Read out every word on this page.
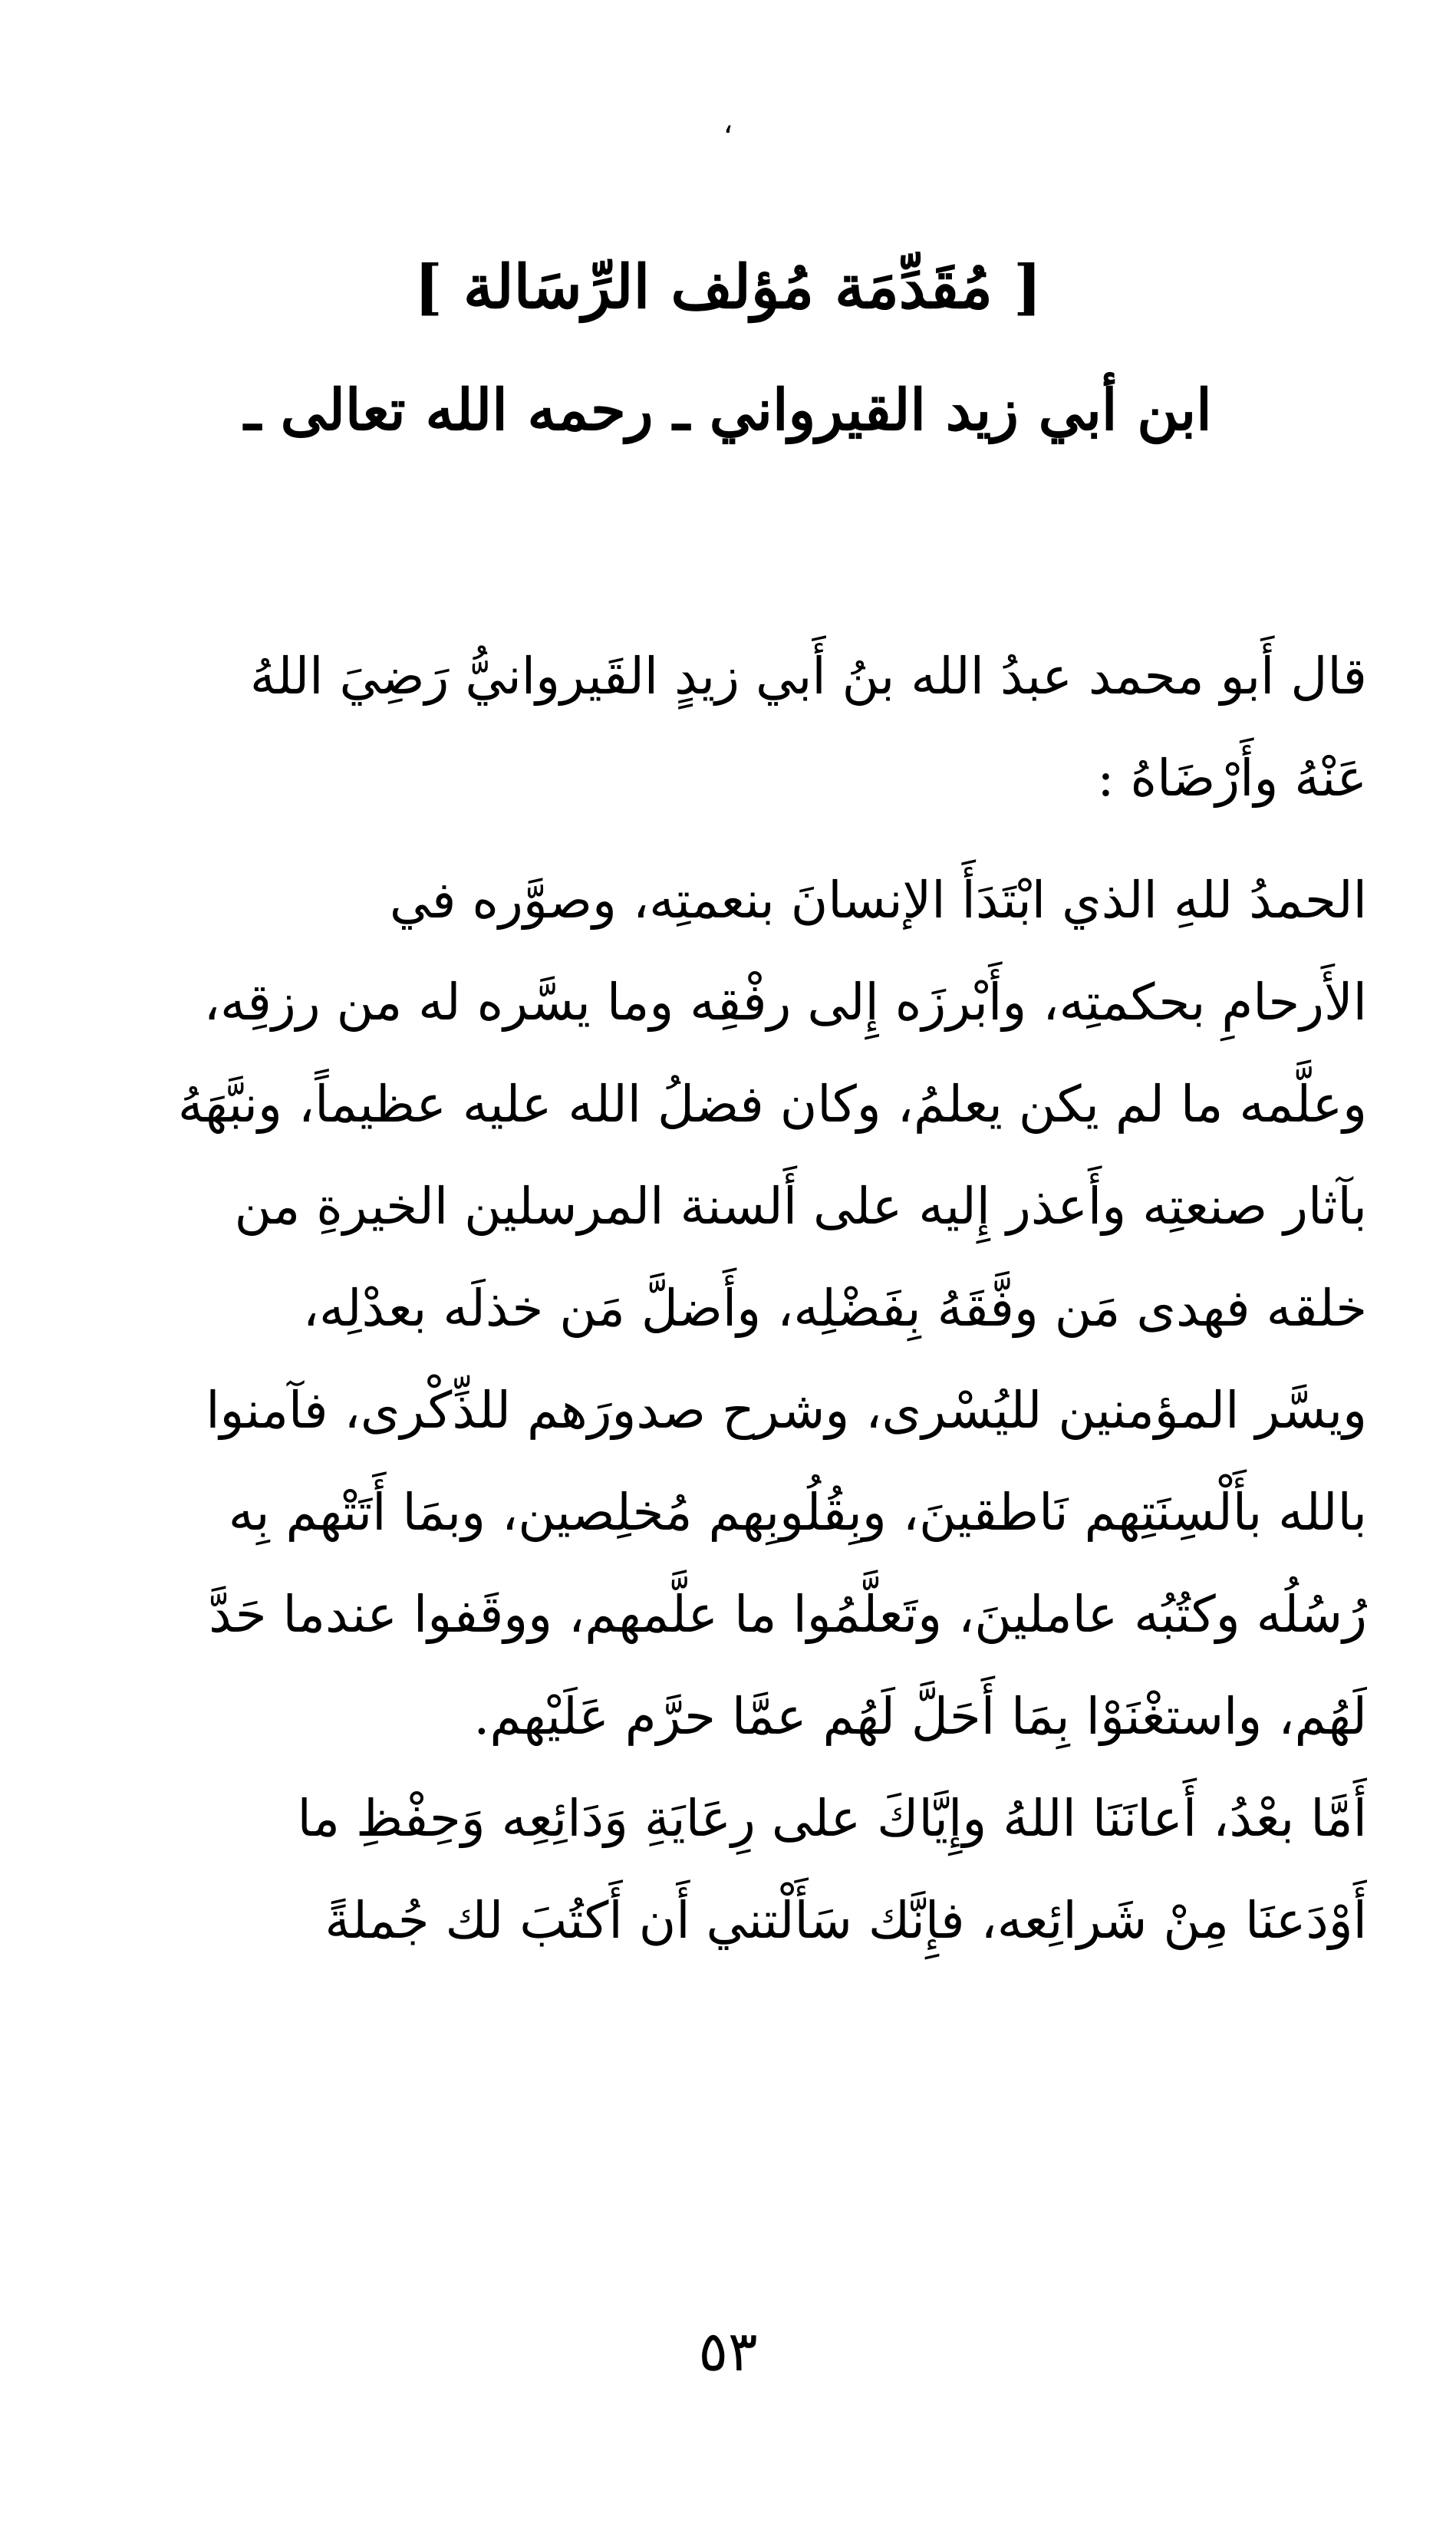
،
[ مُقَدِّمَة مُؤلف الرِّسَالة ]
ابن أبي زيد القيرواني ـ رحمه الله تعالى ـ
قال أَبو محمد عبدُ الله بنُ أَبي زيدٍ القَيروانيُّ رَضِيَ اللهُ
عَنْهُ وأَرْضَاهُ :
الحمدُ للهِ الذي ابْتَدَأَ الإنسانَ بنعمتِه، وصوَّره في
الأَرحامِ بحكمتِه، وأَبْرزَه إِلى رفْقِه وما يسَّره له من رزقِه،
وعلَّمه ما لم يكن يعلمُ، وكان فضلُ الله عليه عظيماً، ونبَّهَهُ
بآثار صنعتِه وأَعذر إِليه على أَلسنة المرسلين الخيرةِ من
خلقه فهدى مَن وفَّقَهُ بِفَضْلِه، وأَضلَّ مَن خذلَه بعدْلِه،
ويسَّر المؤمنين لليُسْرى، وشرح صدورَهم للذِّكْرى، فآمنوا
بالله بأَلْسِنَتِهم نَاطقينَ، وبِقُلُوبِهم مُخلِصين، وبمَا أَتَتْهم بِه
رُسُلُه وكتُبُه عاملينَ، وتَعلَّمُوا ما علَّمهم، ووقَفوا عندما حَدَّ
لَهُم، واستغْنَوْا بِمَا أَحَلَّ لَهُم عمَّا حرَّم عَلَيْهم.
أَمَّا بعْدُ، أَعانَنَا اللهُ وإِيَّاكَ على رِعَايَةِ وَدَائِعِه وَحِفْظِ ما
أَوْدَعنَا مِنْ شَرائِعه، فإِنَّك سَأَلْتني أَن أَكتُبَ لك جُملةً
٥٣
